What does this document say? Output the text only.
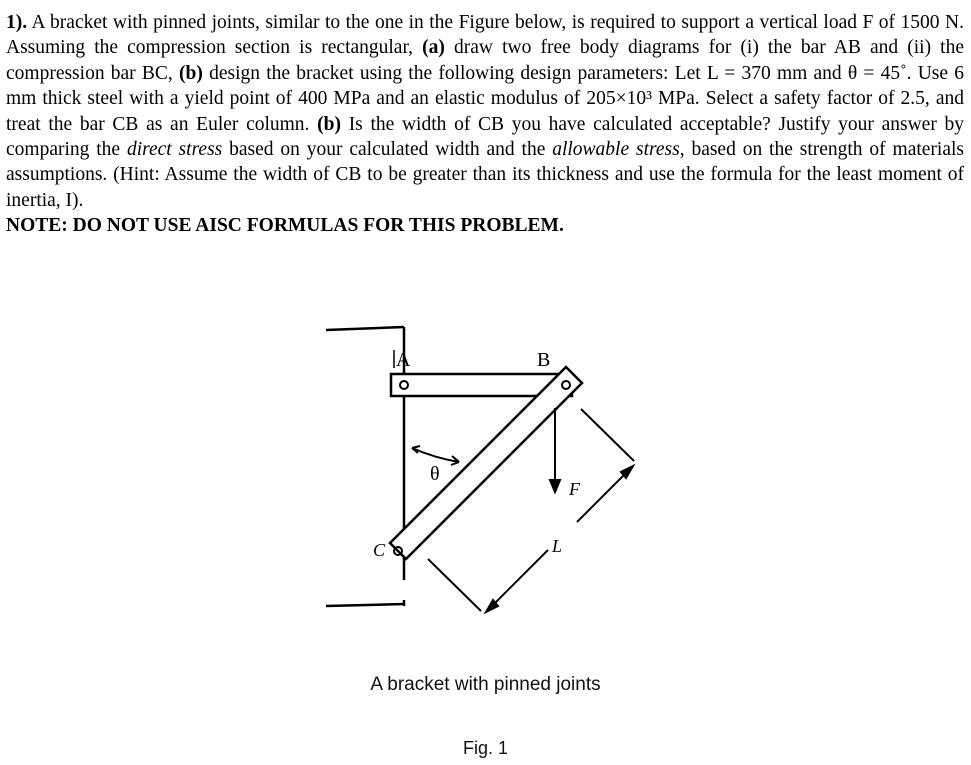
1). A bracket with pinned joints, similar to the one in the Figure below, is required to support a vertical load F of 1500 N. Assuming the compression section is rectangular, (a) draw two free body diagrams for (i) the bar AB and (ii) the compression bar BC, (b) design the bracket using the following design parameters: Let L = 370 mm and θ = 45˚. Use 6 mm thick steel with a yield point of 400 MPa and an elastic modulus of 205×10³ MPa. Select a safety factor of 2.5, and treat the bar CB as an Euler column. (b) Is the width of CB you have calculated acceptable? Justify your answer by comparing the direct stress based on your calculated width and the allowable stress, based on the strength of materials assumptions. (Hint: Assume the width of CB to be greater than its thickness and use the formula for the least moment of inertia, I).

NOTE: DO NOT USE AISC FORMULAS FOR THIS PROBLEM.

A	B
C
θ
F
L
A bracket with pinned joints
Fig. 1
